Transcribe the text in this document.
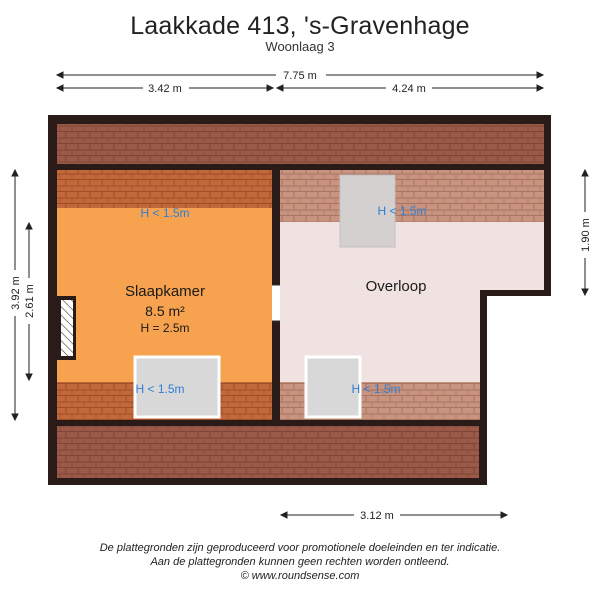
Laakkade 413, 's-Gravenhage
Woonlaag 3
7.75 m
3.42 m	4.24 m
3.12 m
3.92 m 2.61 m
1.90 m
Slaapkamer
8.5 m²
H = 2.5m
Overloop
H < 1.5m
H < 1.5m
H < 1.5m
H < 1.5m
De plattegronden zijn geproduceerd voor promotionele doeleinden en ter indicatie.
Aan de plattegronden kunnen geen rechten worden ontleend.
© www.roundsense.com
